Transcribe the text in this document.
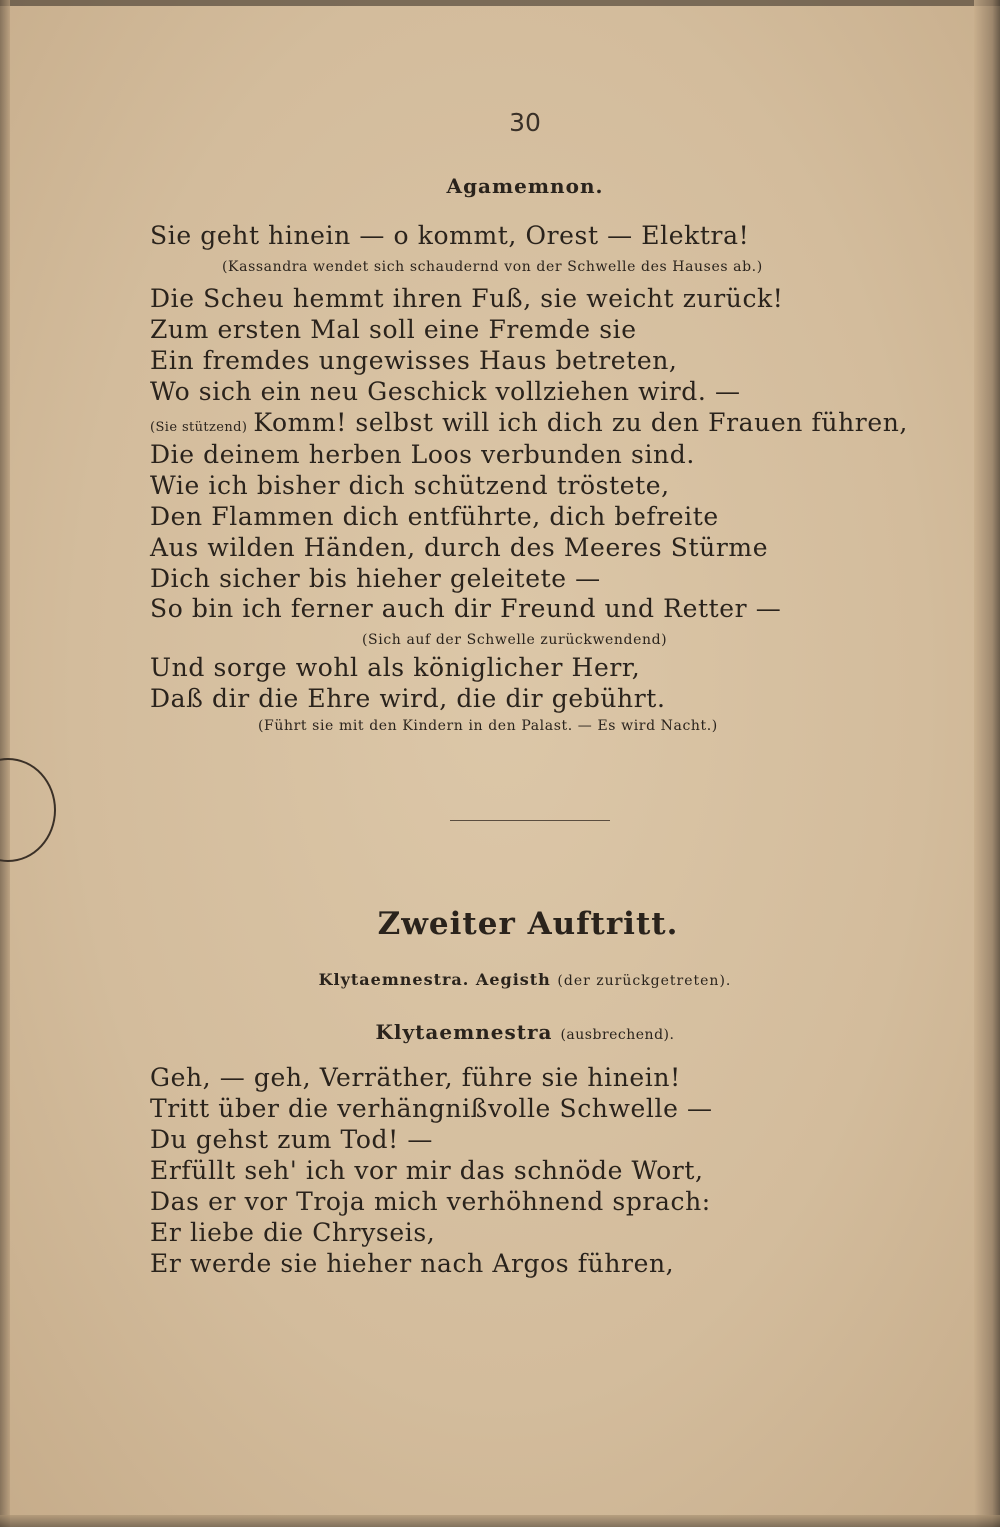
30
Agamemnon.
Sie geht hinein — o kommt, Orest — Elektra!
(Kassandra wendet sich schaudernd von der Schwelle des Hauses ab.)
Die Scheu hemmt ihren Fuß, sie weicht zurück!
Zum ersten Mal soll eine Fremde sie
Ein fremdes ungewisses Haus betreten,
Wo sich ein neu Geschick vollziehen wird. —
(Sie stützend) Komm! selbst will ich dich zu den Frauen führen,
Die deinem herben Loos verbunden sind.
Wie ich bisher dich schützend tröstete,
Den Flammen dich entführte, dich befreite
Aus wilden Händen, durch des Meeres Stürme
Dich sicher bis hieher geleitete —
So bin ich ferner auch dir Freund und Retter —
(Sich auf der Schwelle zurückwendend)
Und sorge wohl als königlicher Herr,
Daß dir die Ehre wird, die dir gebührt.
(Führt sie mit den Kindern in den Palast. — Es wird Nacht.)
Zweiter Auftritt.
Klytaemnestra. Aegisth (der zurückgetreten).
Klytaemnestra (ausbrechend).
Geh, — geh, Verräther, führe sie hinein!
Tritt über die verhängnißvolle Schwelle —
Du gehst zum Tod! —
Erfüllt seh' ich vor mir das schnöde Wort,
Das er vor Troja mich verhöhnend sprach:
Er liebe die Chryseis,
Er werde sie hieher nach Argos führen,
